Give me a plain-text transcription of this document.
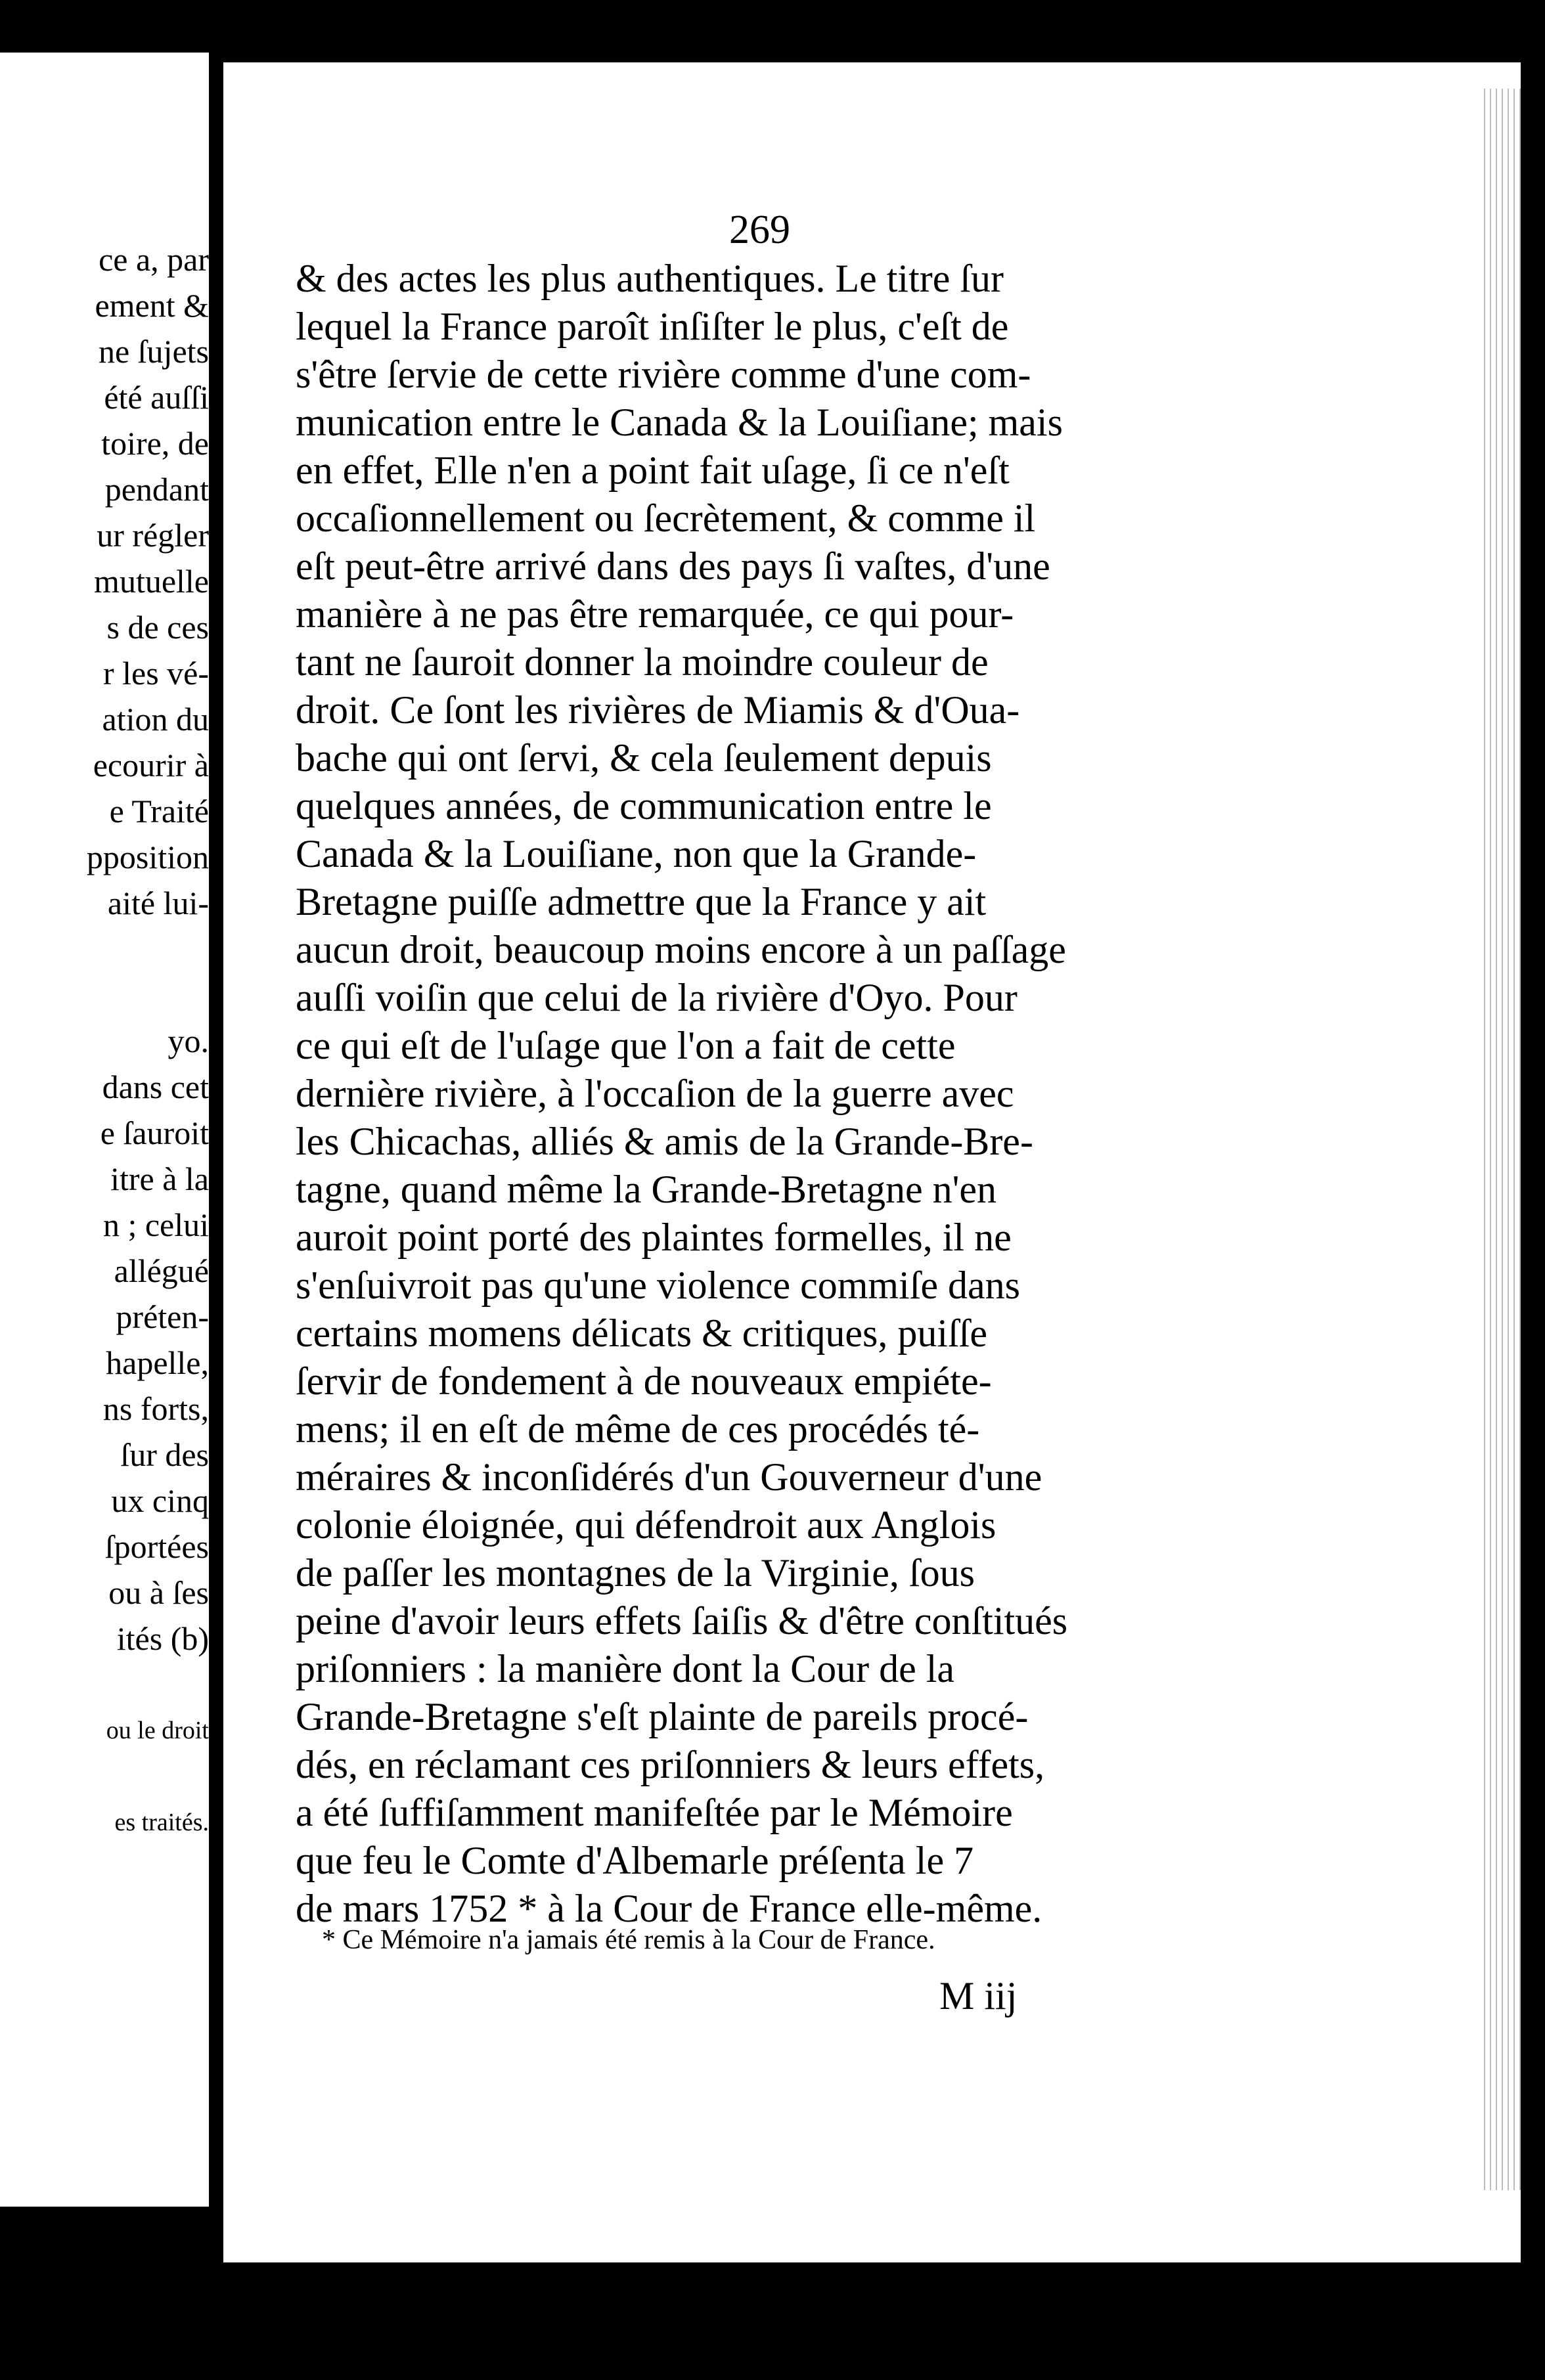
ce a, par
ement &
ne ſujets
été auſſi
toire, de
pendant
ur régler
mutuelle
s de ces
r les vé-
ation du
ecourir à
e Traité
pposition
aité lui-
yo.
dans cet
e ſauroit
itre à la
n ; celui
allégué
préten-
hapelle,
ns forts,
ſur des
ux cinq
ſportées
ou à ſes
ités (b)
ou le droit
es traités.
269
& des actes les plus authentiques. Le titre ſur
lequel la France paroît inſiſter le plus, c'eſt de
s'être ſervie de cette rivière comme d'une com-
munication entre le Canada & la Louiſiane; mais
en effet, Elle n'en a point fait uſage, ſi ce n'eſt
occaſionnellement ou ſecrètement, & comme il
eſt peut-être arrivé dans des pays ſi vaſtes, d'une
manière à ne pas être remarquée, ce qui pour-
tant ne ſauroit donner la moindre couleur de
droit. Ce ſont les rivières de Miamis & d'Oua-
bache qui ont ſervi, & cela ſeulement depuis
quelques années, de communication entre le
Canada & la Louiſiane, non que la Grande-
Bretagne puiſſe admettre que la France y ait
aucun droit, beaucoup moins encore à un paſſage
auſſi voiſin que celui de la rivière d'Oyo. Pour
ce qui eſt de l'uſage que l'on a fait de cette
dernière rivière, à l'occaſion de la guerre avec
les Chicachas, alliés & amis de la Grande-Bre-
tagne, quand même la Grande-Bretagne n'en
auroit point porté des plaintes formelles, il ne
s'enſuivroit pas qu'une violence commiſe dans
certains momens délicats & critiques, puiſſe
ſervir de fondement à de nouveaux empiéte-
mens; il en eſt de même de ces procédés té-
méraires & inconſidérés d'un Gouverneur d'une
colonie éloignée, qui défendroit aux Anglois
de paſſer les montagnes de la Virginie, ſous
peine d'avoir leurs effets ſaiſis & d'être conſtitués
priſonniers : la manière dont la Cour de la
Grande-Bretagne s'eſt plainte de pareils procé-
dés, en réclamant ces priſonniers & leurs effets,
a été ſuffiſamment manifeſtée par le Mémoire
que feu le Comte d'Albemarle préſenta le 7
de mars 1752 * à la Cour de France elle-même.
* Ce Mémoire n'a jamais été remis à la Cour de France.
M iij
